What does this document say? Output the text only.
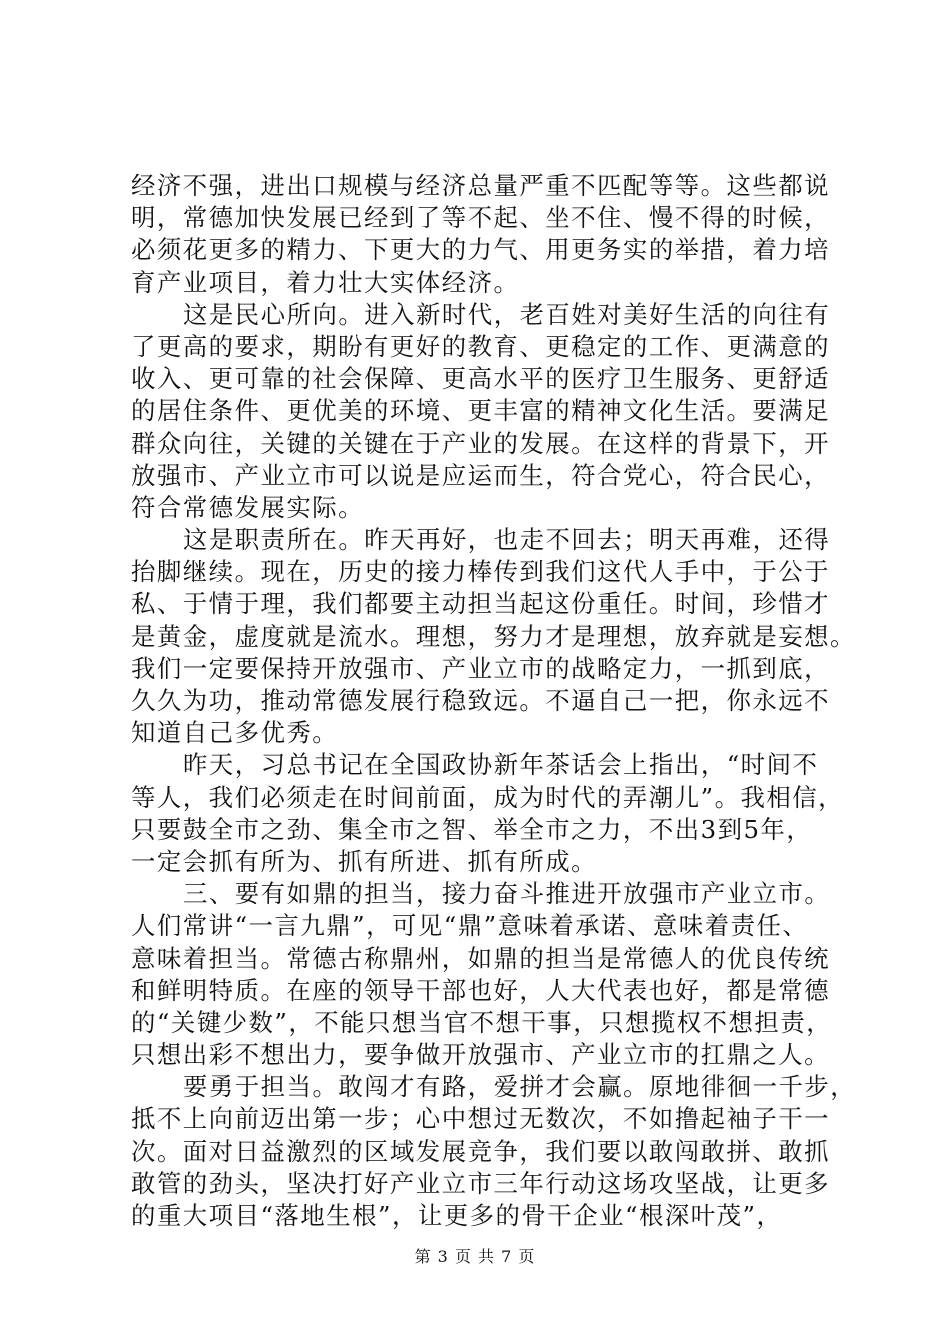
经济不强，进出口规模与经济总量严重不匹配等等。这些都说
明，常德加快发展已经到了等不起、坐不住、慢不得的时候，
必须花更多的精力、下更大的力气、用更务实的举措，着力培
育产业项目，着力壮大实体经济。
这是民心所向。进入新时代，老百姓对美好生活的向往有
了更高的要求，期盼有更好的教育、更稳定的工作、更满意的
收入、更可靠的社会保障、更高水平的医疗卫生服务、更舒适
的居住条件、更优美的环境、更丰富的精神文化生活。要满足
群众向往，关键的关键在于产业的发展。在这样的背景下，开
放强市、产业立市可以说是应运而生，符合党心，符合民心，
符合常德发展实际。
这是职责所在。昨天再好，也走不回去；明天再难，还得
抬脚继续。现在，历史的接力棒传到我们这代人手中，于公于
私、于情于理，我们都要主动担当起这份重任。时间，珍惜才
是黄金，虚度就是流水。理想，努力才是理想，放弃就是妄想。
我们一定要保持开放强市、产业立市的战略定力，一抓到底，
久久为功，推动常德发展行稳致远。不逼自己一把，你永远不
知道自己多优秀。
昨天，习总书记在全国政协新年茶话会上指出，“时间不
等人，我们必须走在时间前面，成为时代的弄潮儿”。我相信，
只要鼓全市之劲、集全市之智、举全市之力，不出3到5年，
一定会抓有所为、抓有所进、抓有所成。
三、要有如鼎的担当，接力奋斗推进开放强市产业立市。
人们常讲“一言九鼎”，可见“鼎”意味着承诺、意味着责任、
意味着担当。常德古称鼎州，如鼎的担当是常德人的优良传统
和鲜明特质。在座的领导干部也好，人大代表也好，都是常德
的“关键少数”，不能只想当官不想干事，只想揽权不想担责，
只想出彩不想出力，要争做开放强市、产业立市的扛鼎之人。
要勇于担当。敢闯才有路，爱拼才会赢。原地徘徊一千步，
抵不上向前迈出第一步；心中想过无数次，不如撸起袖子干一
次。面对日益激烈的区域发展竞争，我们要以敢闯敢拼、敢抓
敢管的劲头，坚决打好产业立市三年行动这场攻坚战，让更多
的重大项目“落地生根”，让更多的骨干企业“根深叶茂”，
第 3 页 共 7 页
